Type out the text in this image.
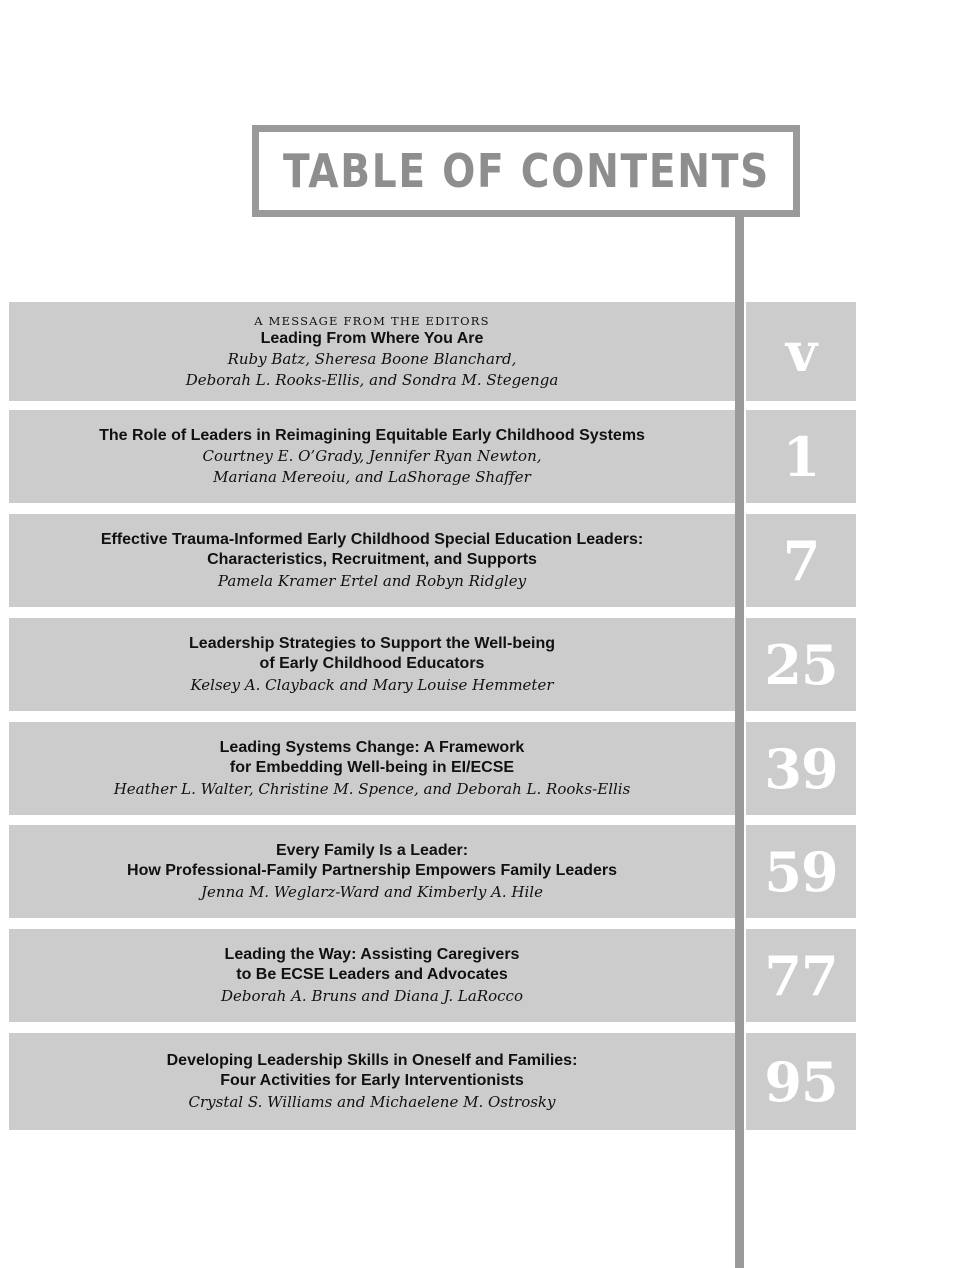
TABLE OF CONTENTS
A MESSAGE FROM THE EDITORS
Leading From Where You Are
Ruby Batz, Sheresa Boone Blanchard,
Deborah L. Rooks-Ellis, and Sondra M. Stegenga	v
The Role of Leaders in Reimagining Equitable Early Childhood Systems
Courtney E. O’Grady, Jennifer Ryan Newton,
Mariana Mereoiu, and LaShorage Shaffer	1
Effective Trauma-Informed Early Childhood Special Education Leaders:
Characteristics, Recruitment, and Supports
Pamela Kramer Ertel and Robyn Ridgley	7
Leadership Strategies to Support the Well-being
of Early Childhood Educators
Kelsey A. Clayback and Mary Louise Hemmeter	25
Leading Systems Change: A Framework
for Embedding Well-being in EI/ECSE
Heather L. Walter, Christine M. Spence, and Deborah L. Rooks-Ellis 39
Every Family Is a Leader:
How Professional-Family Partnership Empowers Family Leaders
Jenna M. Weglarz-Ward and Kimberly A. Hile	59
Leading the Way: Assisting Caregivers
to Be ECSE Leaders and Advocates
Deborah A. Bruns and Diana J. LaRocco	77
Developing Leadership Skills in Oneself and Families:
Four Activities for Early Interventionists
Crystal S. Williams and Michaelene M. Ostrosky	95
